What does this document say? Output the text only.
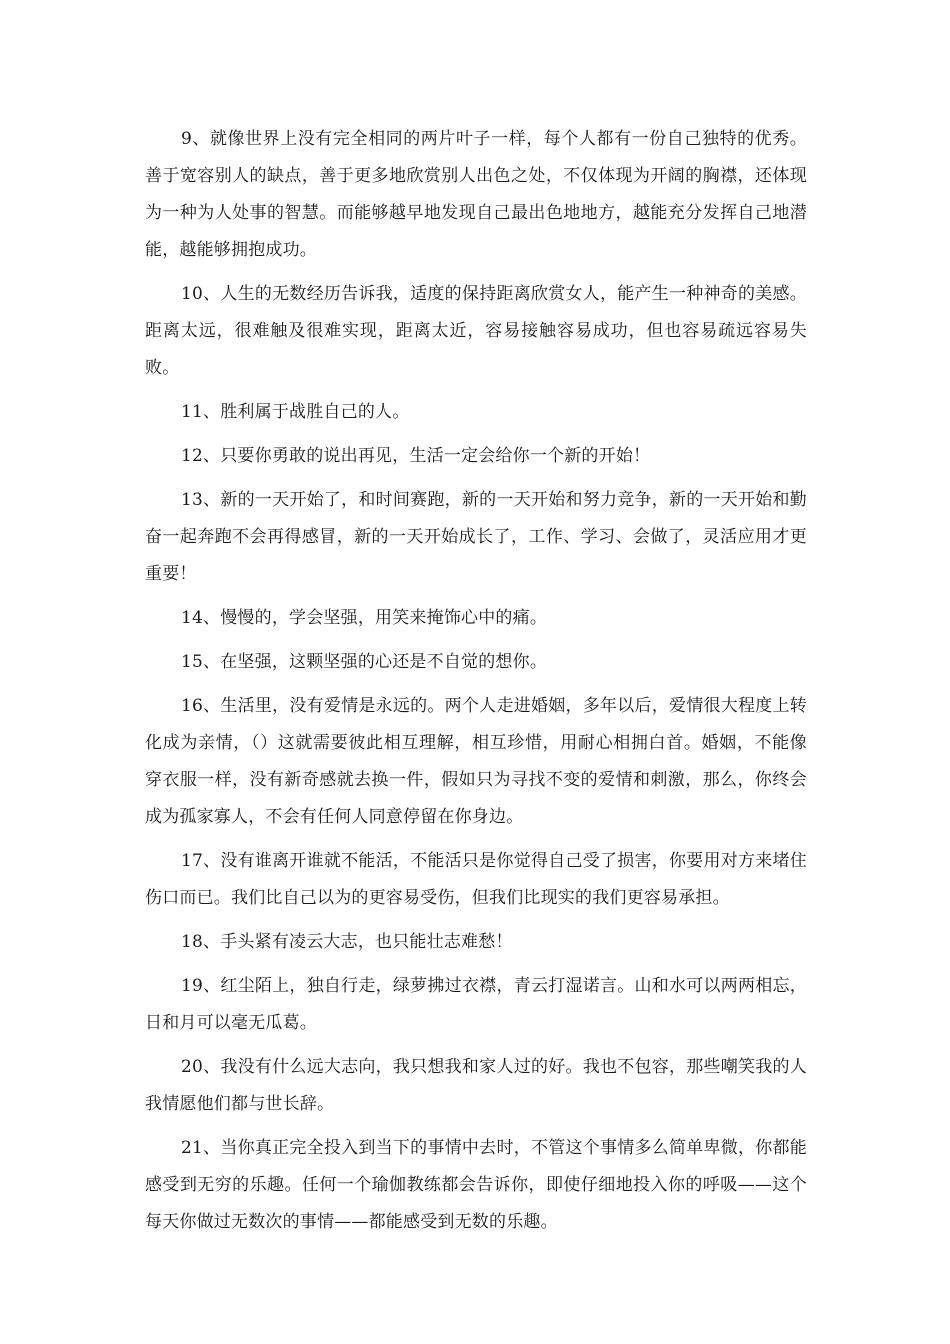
9、就像世界上没有完全相同的两片叶子一样，每个人都有一份自己独特的优秀。善于宽容别人的缺点，善于更多地欣赏别人出色之处，不仅体现为开阔的胸襟，还体现为一种为人处事的智慧。而能够越早地发现自己最出色地地方，越能充分发挥自己地潜能，越能够拥抱成功。

10、人生的无数经历告诉我，适度的保持距离欣赏女人，能产生一种神奇的美感。距离太远，很难触及很难实现，距离太近，容易接触容易成功，但也容易疏远容易失败。

11、胜利属于战胜自己的人。

12、只要你勇敢的说出再见，生活一定会给你一个新的开始！

13、新的一天开始了，和时间赛跑，新的一天开始和努力竞争，新的一天开始和勤奋一起奔跑不会再得感冒，新的一天开始成长了，工作、学习、会做了，灵活应用才更重要！

14、慢慢的，学会坚强，用笑来掩饰心中的痛。

15、在坚强，这颗坚强的心还是不自觉的想你。

16、生活里，没有爱情是永远的。两个人走进婚姻，多年以后，爱情很大程度上转化成为亲情，（）这就需要彼此相互理解，相互珍惜，用耐心相拥白首。婚姻，不能像穿衣服一样，没有新奇感就去换一件，假如只为寻找不变的爱情和刺激，那么，你终会成为孤家寡人，不会有任何人同意停留在你身边。

17、没有谁离开谁就不能活，不能活只是你觉得自己受了损害，你要用对方来堵住伤口而已。我们比自己以为的更容易受伤，但我们比现实的我们更容易承担。

18、手头紧有凌云大志，也只能壮志难愁！

19、红尘陌上，独自行走，绿萝拂过衣襟，青云打湿诺言。山和水可以两两相忘，日和月可以毫无瓜葛。

20、我没有什么远大志向，我只想我和家人过的好。我也不包容，那些嘲笑我的人我情愿他们都与世长辞。

21、当你真正完全投入到当下的事情中去时，不管这个事情多么简单卑微，你都能感受到无穷的乐趣。任何一个瑜伽教练都会告诉你，即使仔细地投入你的呼吸——这个每天你做过无数次的事情——都能感受到无数的乐趣。
